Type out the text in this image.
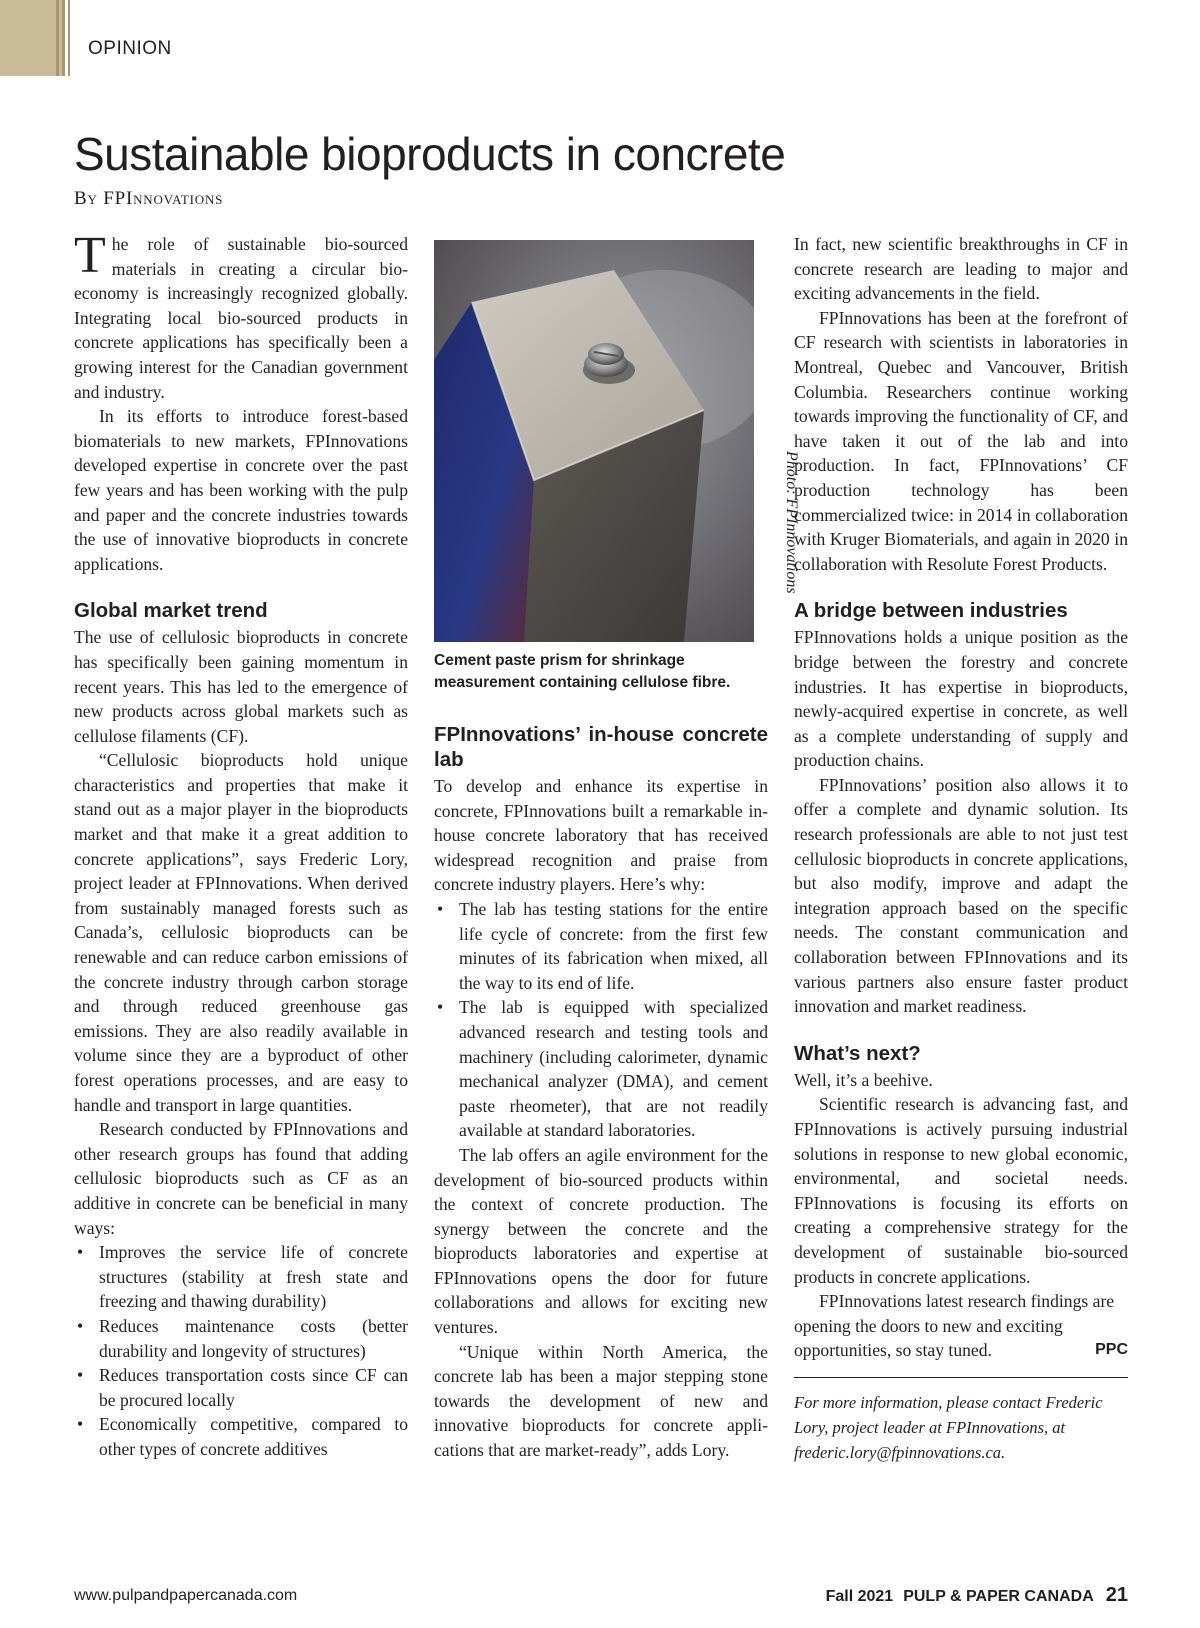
OPINION
Sustainable bioproducts in concrete
By FPInnovations

The role of sustainable bio-sourced materials in creating a circular bio-economy is increasingly recognized globally. Integrating local bio-sourced products in concrete applications has specifically been a growing interest for the Canadian government and industry.

In its efforts to introduce forest-based biomaterials to new markets, FPInnovations developed expertise in concrete over the past few years and has been working with the pulp and paper and the concrete industries towards the use of innovative bioproducts in concrete applications.

Global market trend

The use of cellulosic bioproducts in concrete has specifically been gaining momentum in recent years. This has led to the emergence of new products across global markets such as cellulose filaments (CF).

“Cellulosic bioproducts hold unique characteristics and properties that make it stand out as a major player in the bioproducts market and that make it a great addition to concrete applications”, says Frederic Lory, project leader at FPInnovations. When derived from sustainably managed forests such as Canada’s, cellulosic bioproducts can be renewable and can reduce carbon emissions of the concrete industry through carbon storage and through reduced greenhouse gas emissions. They are also readily available in volume since they are a byproduct of other forest operations processes, and are easy to handle and transport in large quantities.

Research conducted by FPInnovations and other research groups has found that adding cellulosic bioproducts such as CF as an additive in concrete can be beneficial in many ways:

• Improves the service life of concrete structures (stability at fresh state and freezing and thawing durability)
• Reduces maintenance costs (better durability and longevity of structures)
• Reduces transportation costs since CF can be procured locally
• Economically competitive, compared to other types of concrete additives
Cement paste prism for shrinkage measurement containing cellulose fibre.
FPInnovations’ in-house concrete lab

To develop and enhance its expertise in concrete, FPInnovations built a remarkable in-house concrete laboratory that has received widespread recognition and praise from concrete industry players. Here’s why:

• The lab has testing stations for the entire life cycle of concrete: from the first few minutes of its fabrication when mixed, all the way to its end of life.
• The lab is equipped with specialized advanced research and testing tools and machinery (including calorimeter, dynamic mechanical analyzer (DMA), and cement paste rheometer), that are not readily available at standard laboratories.

The lab offers an agile environment for the development of bio-sourced products within the context of concrete production. The synergy between the concrete and the bioproducts laboratories and expertise at FPInnovations opens the door for future collaborations and allows for exciting new ventures.

“Unique within North America, the concrete lab has been a major stepping stone towards the development of new and innovative bioproducts for concrete applications that are market-ready”, adds Lory.

Photo: FPInnovations

In fact, new scientific breakthroughs in CF in concrete research are leading to major and exciting advancements in the field.

FPInnovations has been at the forefront of CF research with scientists in laboratories in Montreal, Quebec and Vancouver, British Columbia. Researchers continue working towards improving the functionality of CF, and have taken it out of the lab and into production. In fact, FPInnovations’ CF production technology has been commercialized twice: in 2014 in collaboration with Kruger Biomaterials, and again in 2020 in collaboration with Resolute Forest Products.

A bridge between industries

FPInnovations holds a unique position as the bridge between the forestry and concrete industries. It has expertise in bioproducts, newly-acquired expertise in concrete, as well as a complete understanding of supply and production chains.

FPInnovations’ position also allows it to offer a complete and dynamic solution. Its research professionals are able to not just test cellulosic bioproducts in concrete applications, but also modify, improve and adapt the integration approach based on the specific needs. The constant communication and collaboration between FPInnovations and its various partners also ensure faster product innovation and market readiness.

What’s next?

Well, it’s a beehive.

Scientific research is advancing fast, and FPInnovations is actively pursuing industrial solutions in response to new global economic, environmental, and societal needs. FPInnovations is focusing its efforts on creating a comprehensive strategy for the development of sustainable bio-sourced products in concrete applications.

FPInnovations latest research findings are opening the doors to new and exciting opportunities, so stay tuned.	PPC

For more information, please contact Frederic Lory, project leader at FPInnovations, at frederic.lory@fpinnovations.ca.
www.pulpandpapercanada.com	Fall 2021 PULP & PAPER CANADA 21
